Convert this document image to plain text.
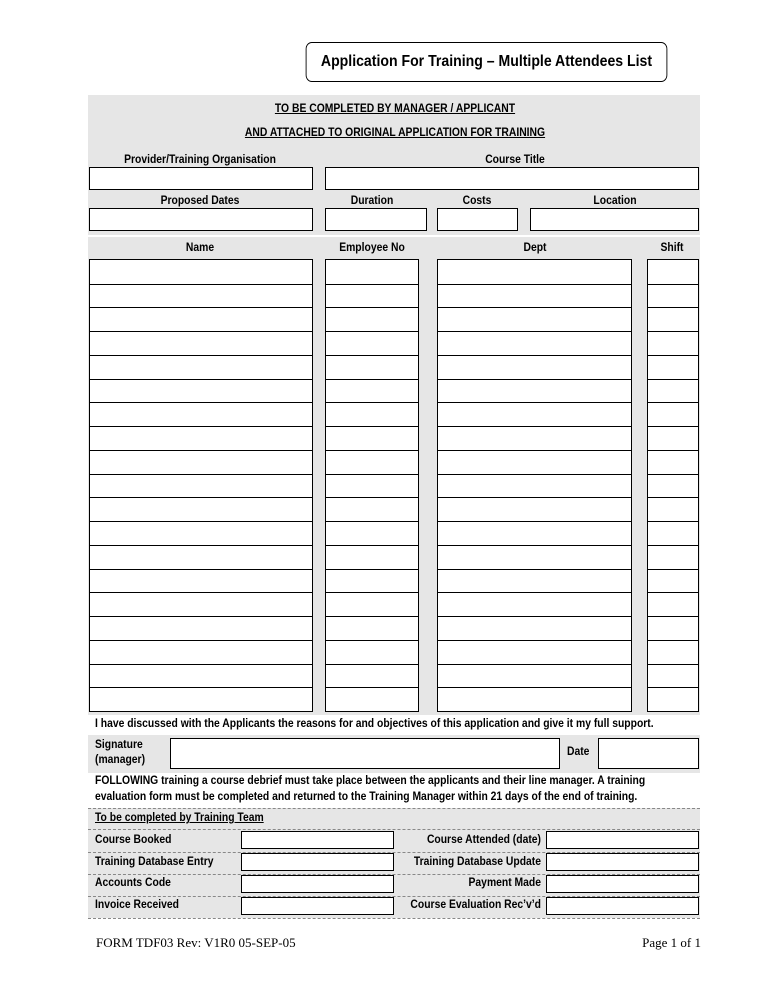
Application For Training – Multiple Attendees List
TO BE COMPLETED BY MANAGER / APPLICANT
AND ATTACHED TO ORIGINAL APPLICATION FOR TRAINING
Provider/Training Organisation	Course Title
Proposed Dates	Duration	Costs	Location
Name	Employee No	Dept	Shift
I have discussed with the Applicants the reasons for and objectives of this application and give it my full support.
Signature
(manager)
Date
FOLLOWING training a course debrief must take place between the applicants and their line manager. A training
evaluation form must be completed and returned to the Training Manager within 21 days of the end of training.
To be completed by Training Team
Course Booked	Course Attended (date)
Training Database Entry	Training Database Update
Accounts Code	Payment Made
Invoice Received	Course Evaluation Rec’v’d
FORM TDF03 Rev: V1R0 05-SEP-05	Page 1 of 1
